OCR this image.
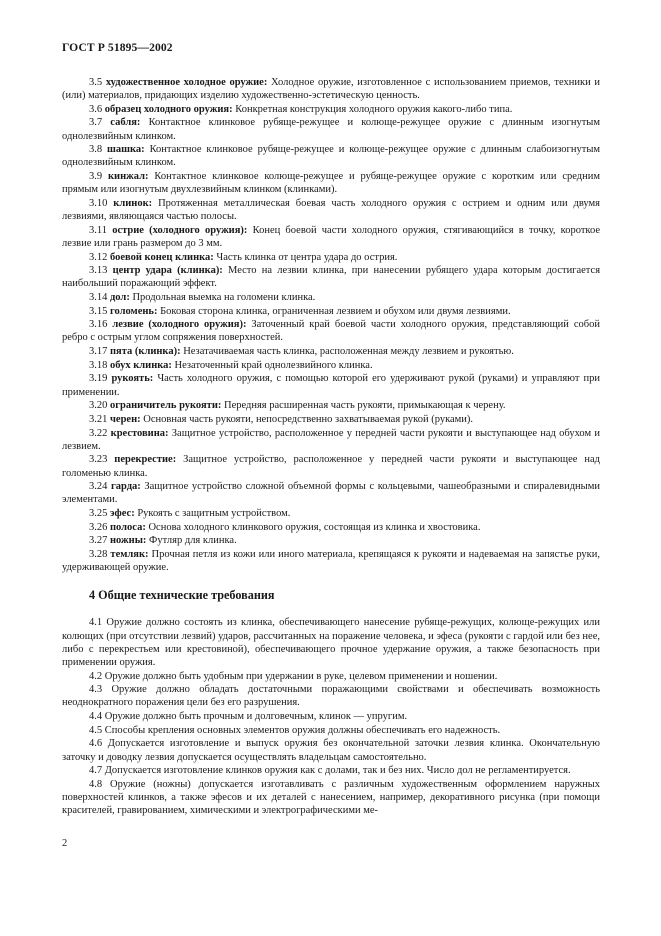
ГОСТ Р 51895—2002

3.5 художественное холодное оружие: Холодное оружие, изготовленное с использованием приемов, техники и (или) материалов, придающих изделию художественно-эстетическую ценность.

3.6 образец холодного оружия: Конкретная конструкция холодного оружия какого-либо типа.

3.7 сабля: Контактное клинковое рубяще-режущее и колюще-режущее оружие с длинным изогнутым однолезвийным клинком.

3.8 шашка: Контактное клинковое рубяще-режущее и колюще-режущее оружие с длинным слабоизогнутым однолезвийным клинком.

3.9 кинжал: Контактное клинковое колюще-режущее и рубяще-режущее оружие с коротким или средним прямым или изогнутым двухлезвийным клинком (клинками).

3.10 клинок: Протяженная металлическая боевая часть холодного оружия с острием и одним или двумя лезвиями, являющаяся частью полосы.

3.11 острие (холодного оружия): Конец боевой части холодного оружия, стягивающийся в точку, короткое лезвие или грань размером до 3 мм.

3.12 боевой конец клинка: Часть клинка от центра удара до острия.

3.13 центр удара (клинка): Место на лезвии клинка, при нанесении рубящего удара которым достигается наибольший поражающий эффект.

3.14 дол: Продольная выемка на голомени клинка.

3.15 голомень: Боковая сторона клинка, ограниченная лезвием и обухом или двумя лезвиями.

3.16 лезвие (холодного оружия): Заточенный край боевой части холодного оружия, представляющий собой ребро с острым углом сопряжения поверхностей.

3.17 пята (клинка): Незатачиваемая часть клинка, расположенная между лезвием и рукоятью.

3.18 обух клинка: Незаточенный край однолезвийного клинка.

3.19 рукоять: Часть холодного оружия, с помощью которой его удерживают рукой (руками) и управляют при применении.

3.20 ограничитель рукояти: Передняя расширенная часть рукояти, примыкающая к черену.

3.21 черен: Основная часть рукояти, непосредственно захватываемая рукой (руками).

3.22 крестовина: Защитное устройство, расположенное у передней части рукояти и выступающее над обухом и лезвием.

3.23 перекрестие: Защитное устройство, расположенное у передней части рукояти и выступающее над голоменью клинка.

3.24 гарда: Защитное устройство сложной объемной формы с кольцевыми, чашеобразными и спиралевидными элементами.

3.25 эфес: Рукоять с защитным устройством.

3.26 полоса: Основа холодного клинкового оружия, состоящая из клинка и хвостовика.

3.27 ножны: Футляр для клинка.

3.28 темляк: Прочная петля из кожи или иного материала, крепящаяся к рукояти и надеваемая на запястье руки, удерживающей оружие.

4 Общие технические требования

4.1 Оружие должно состоять из клинка, обеспечивающего нанесение рубяще-режущих, колюще-режущих или колющих (при отсутствии лезвий) ударов, рассчитанных на поражение человека, и эфеса (рукояти с гардой или без нее, либо с перекрестьем или крестовиной), обеспечивающего прочное удержание оружия, а также безопасность при применении оружия.

4.2 Оружие должно быть удобным при удержании в руке, целевом применении и ношении.

4.3 Оружие должно обладать достаточными поражающими свойствами и обеспечивать возможность неоднократного поражения цели без его разрушения.

4.4 Оружие должно быть прочным и долговечным, клинок — упругим.

4.5 Способы крепления основных элементов оружия должны обеспечивать его надежность.

4.6 Допускается изготовление и выпуск оружия без окончательной заточки лезвия клинка. Окончательную заточку и доводку лезвия допускается осуществлять владельцам самостоятельно.

4.7 Допускается изготовление клинков оружия как с долами, так и без них. Число дол не регламентируется.

4.8 Оружие (ножны) допускается изготавливать с различным художественным оформлением наружных поверхностей клинков, а также эфесов и их деталей с нанесением, например, декоративного рисунка (при помощи красителей, гравированием, химическими и электрографическими ме-

2
